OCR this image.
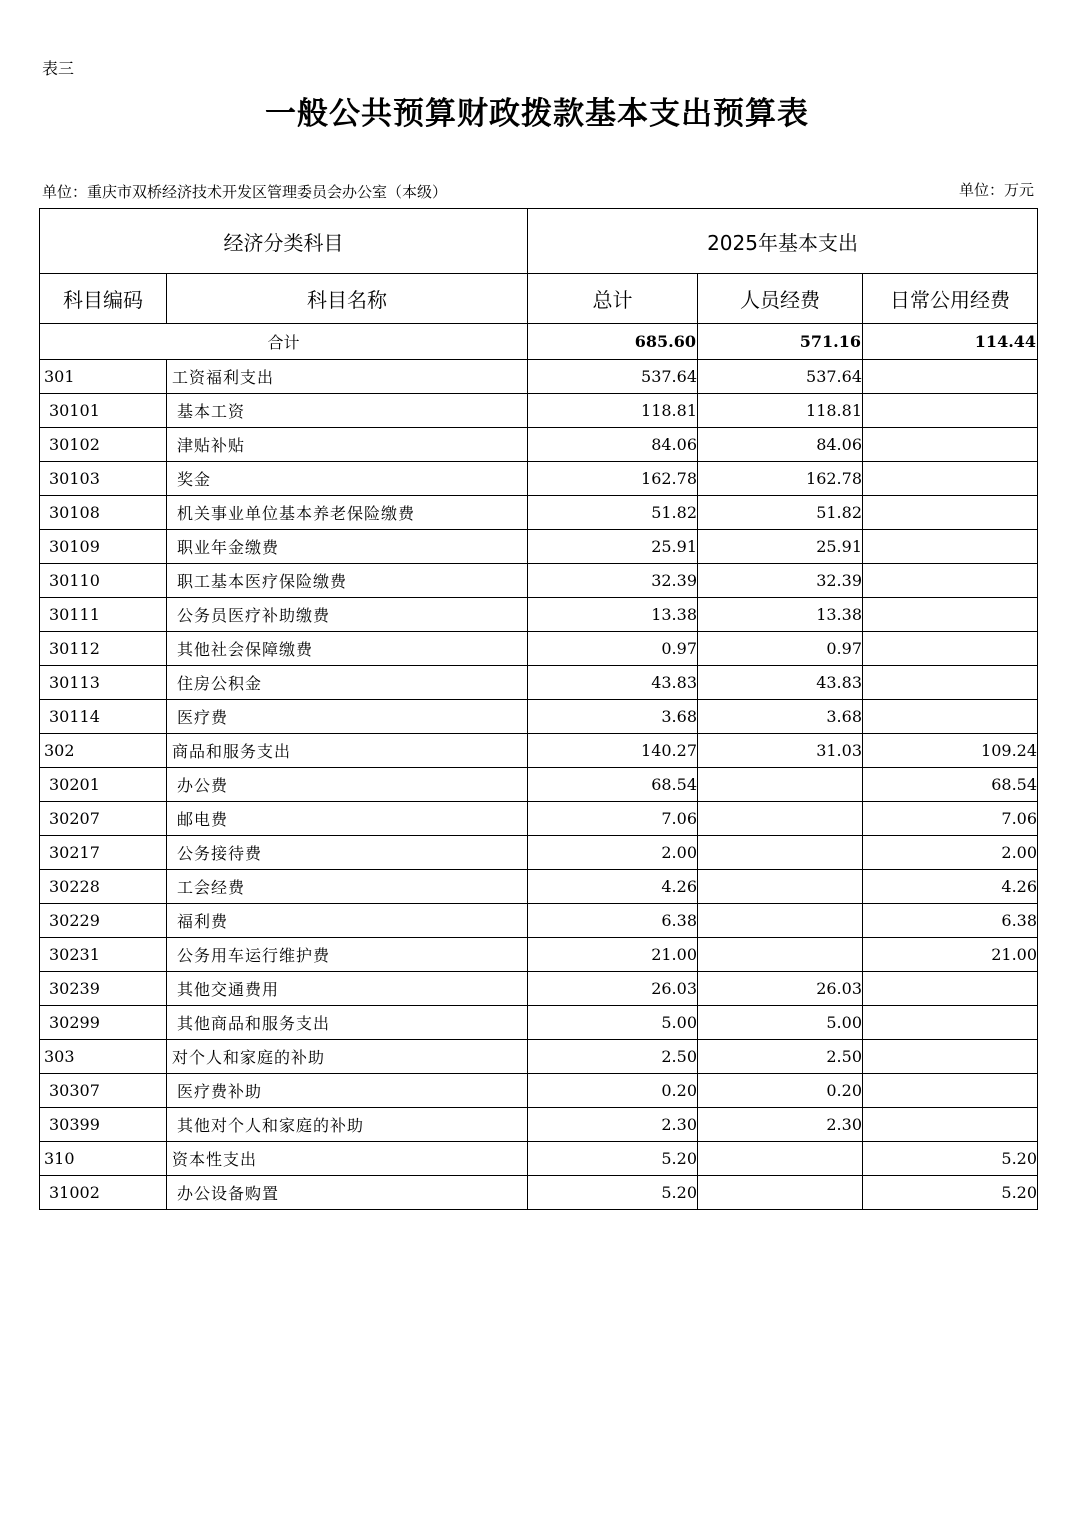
表三
一般公共预算财政拨款基本支出预算表
单位：重庆市双桥经济技术开发区管理委员会办公室（本级）	单位：万元
经济分类科目		2025年基本支出		
科目编码	科目名称	总计	人员经费	日常公用经费
合计		685.60	571.16	114.44
301	工资福利支出	537.64	537.64	
30101	基本工资	118.81	118.81	
30102	津贴补贴	84.06	84.06	
30103	奖金	162.78	162.78	
30108	机关事业单位基本养老保险缴费	51.82	51.82	
30109	职业年金缴费	25.91	25.91	
30110	职工基本医疗保险缴费	32.39	32.39	
30111	公务员医疗补助缴费	13.38	13.38	
30112	其他社会保障缴费	0.97	0.97	
30113	住房公积金	43.83	43.83	
30114	医疗费	3.68	3.68	
302	商品和服务支出	140.27	31.03	109.24
30201	办公费	68.54		68.54
30207	邮电费	7.06		7.06
30217	公务接待费	2.00		2.00
30228	工会经费	4.26		4.26
30229	福利费	6.38		6.38
30231	公务用车运行维护费	21.00		21.00
30239	其他交通费用	26.03	26.03	
30299	其他商品和服务支出	5.00	5.00	
303	对个人和家庭的补助	2.50	2.50	
30307	医疗费补助	0.20	0.20	
30399	其他对个人和家庭的补助	2.30	2.30	
310	资本性支出	5.20		5.20
31002	办公设备购置	5.20		5.20
